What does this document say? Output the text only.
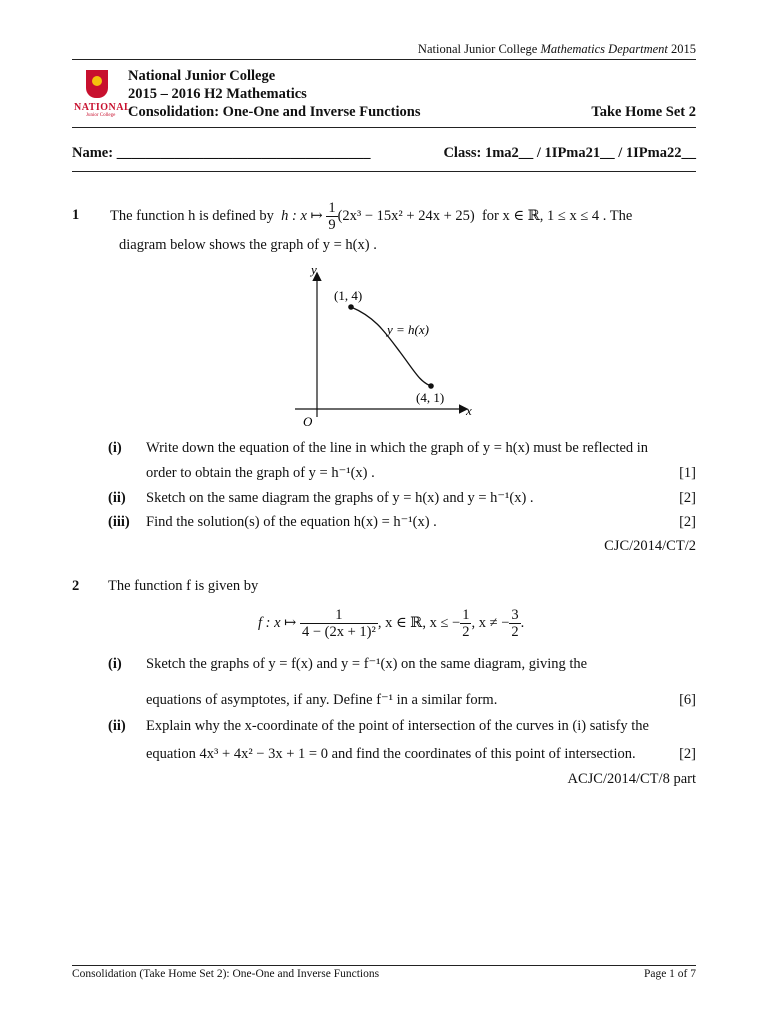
National Junior College Mathematics Department 2015
NATIONAL
Junior College
National Junior College
2015 – 2016 H2 Mathematics
Consolidation: One-One and Inverse Functions	Take Home Set 2
Name: ___________________________________	Class: 1ma2__ / 1IPma21__ / 1IPma22__
1 The function h is defined by h : x ↦ $\frac{1}{9} (2x^3 - 15x^2 + 24x + 25)$ for x ∈ ℝ, 1 ≤ x ≤ 4 . The
diagram below shows the graph of y = h(x) .
y
x
O
(1, 4)
(4, 1)
y = h(x)
(i) Write down the equation of the line in which the graph of y = h(x) must be reflected in
order to obtain the graph of y = h⁻¹(x) .	[1]
(ii) Sketch on the same diagram the graphs of y = h(x) and y = h⁻¹(x) .	[2]
(iii) Find the solution(s) of the equation h(x) = h⁻¹(x) .	[2]
CJC/2014/CT/2
2 The function f is given by
f : x ↦ $\frac{1}{\text{4 − (2x + 1)²}}$ , x ∈ ℝ, x ≤ − $\frac{1}{2}$ , x ≠ − $\frac{3}{2}$ .
(i) Sketch the graphs of y = f(x) and y = f⁻¹(x) on the same diagram, giving the
equations of asymptotes, if any. Define f⁻¹ in a similar form.	[6]
(ii) Explain why the x-coordinate of the point of intersection of the curves in (i) satisfy the
equation 4x³ + 4x² − 3x + 1 = 0 and find the coordinates of this point of intersection.	[2]
ACJC/2014/CT/8 part
Consolidation (Take Home Set 2): One-One and Inverse Functions	Page 1 of 7
